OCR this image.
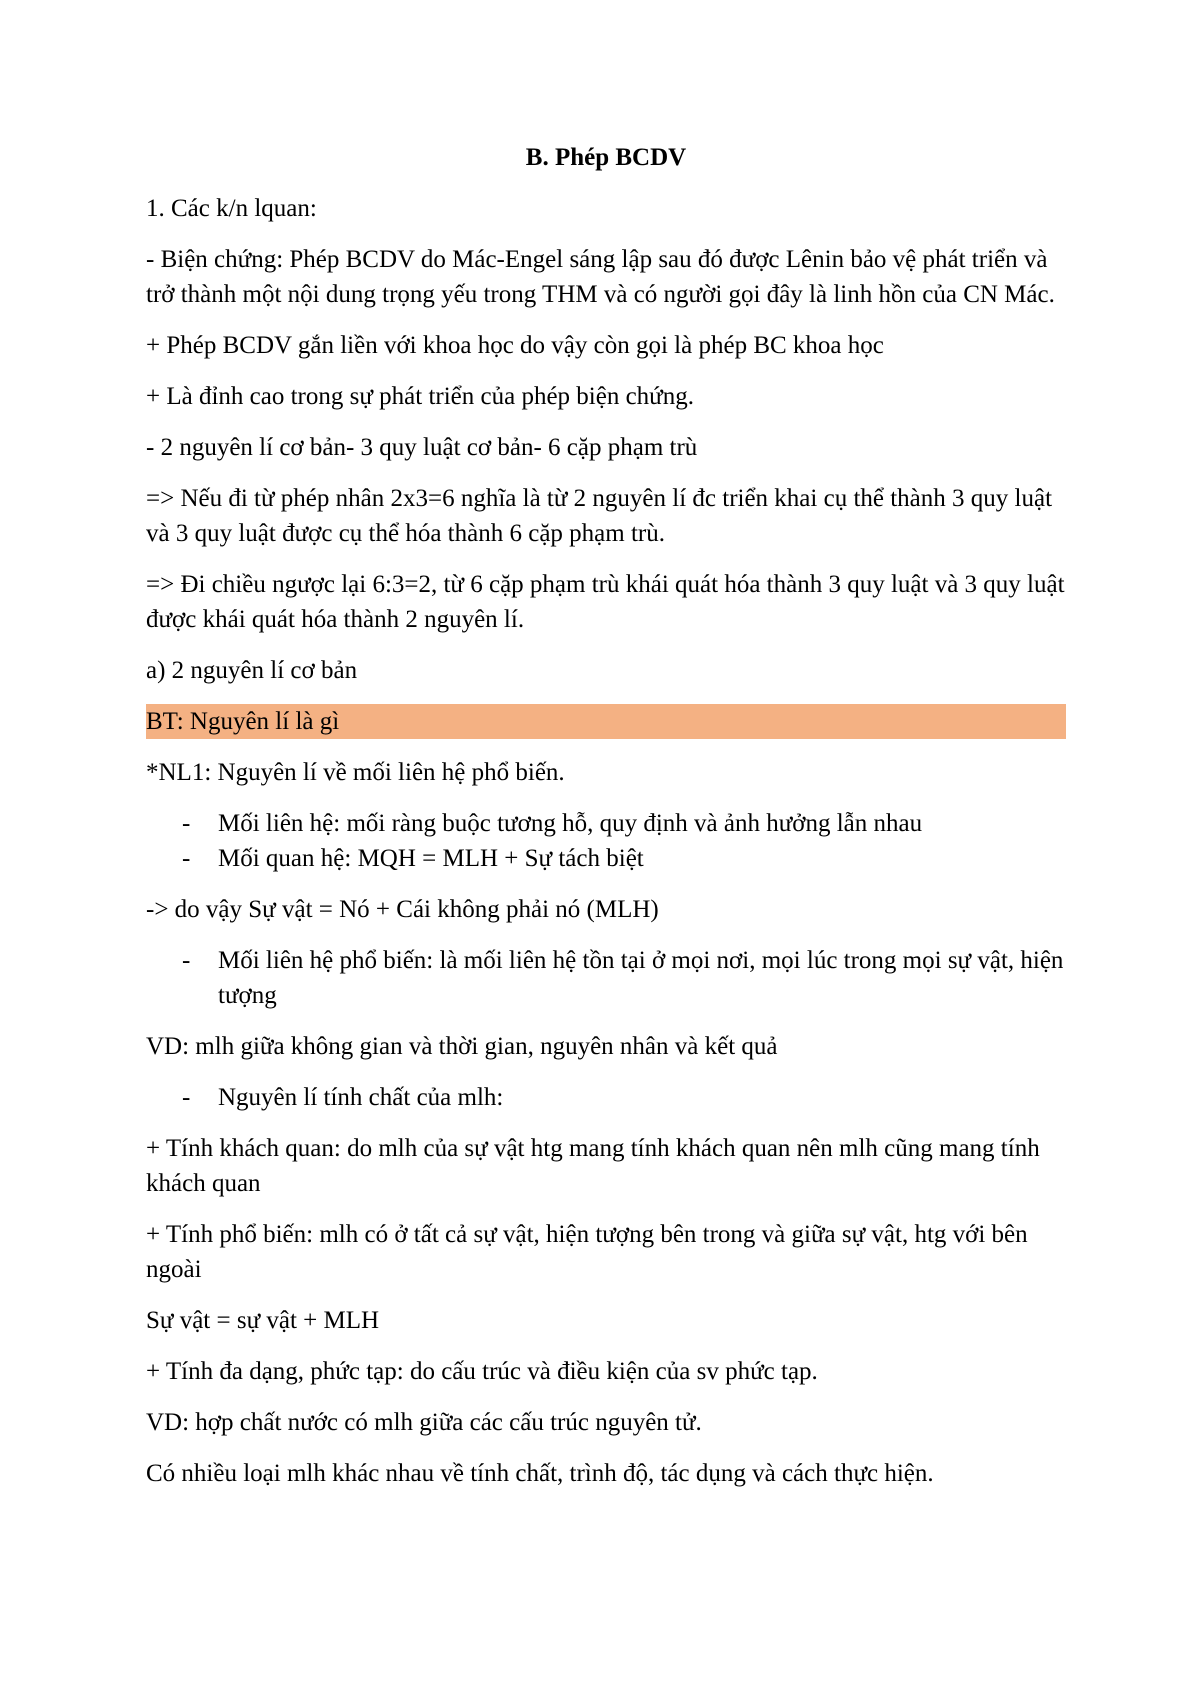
B. Phép BCDV

1. Các k/n lquan:

- Biện chứng: Phép BCDV do Mác-Engel sáng lập sau đó được Lênin bảo vệ phát triển và trở thành một nội dung trọng yếu trong THM và có người gọi đây là linh hồn của CN Mác.

+ Phép BCDV gắn liền với khoa học do vậy còn gọi là phép BC khoa học

+ Là đỉnh cao trong sự phát triển của phép biện chứng.

- 2 nguyên lí cơ bản- 3 quy luật cơ bản- 6 cặp phạm trù

=> Nếu đi từ phép nhân 2x3=6 nghĩa là từ 2 nguyên lí đc triển khai cụ thể thành 3 quy luật và 3 quy luật được cụ thể hóa thành 6 cặp phạm trù.

=> Đi chiều ngược lại 6:3=2, từ 6 cặp phạm trù khái quát hóa thành 3 quy luật và 3 quy luật được khái quát hóa thành 2 nguyên lí.

a) 2 nguyên lí cơ bản

BT: Nguyên lí là gì

*NL1: Nguyên lí về mối liên hệ phổ biến.

- Mối liên hệ: mối ràng buộc tương hỗ, quy định và ảnh hưởng lẫn nhau
- Mối quan hệ: MQH = MLH + Sự tách biệt

-> do vậy Sự vật = Nó + Cái không phải nó (MLH)

- Mối liên hệ phổ biến: là mối liên hệ tồn tại ở mọi nơi, mọi lúc trong mọi sự vật, hiện tượng

VD: mlh giữa không gian và thời gian, nguyên nhân và kết quả

- Nguyên lí tính chất của mlh:

+ Tính khách quan: do mlh của sự vật htg mang tính khách quan nên mlh cũng mang tính khách quan

+ Tính phổ biến: mlh có ở tất cả sự vật, hiện tượng bên trong và giữa sự vật, htg với bên ngoài

Sự vật = sự vật + MLH

+ Tính đa dạng, phức tạp: do cấu trúc và điều kiện của sv phức tạp.

VD: hợp chất nước có mlh giữa các cấu trúc nguyên tử.

Có nhiều loại mlh khác nhau về tính chất, trình độ, tác dụng và cách thực hiện.
